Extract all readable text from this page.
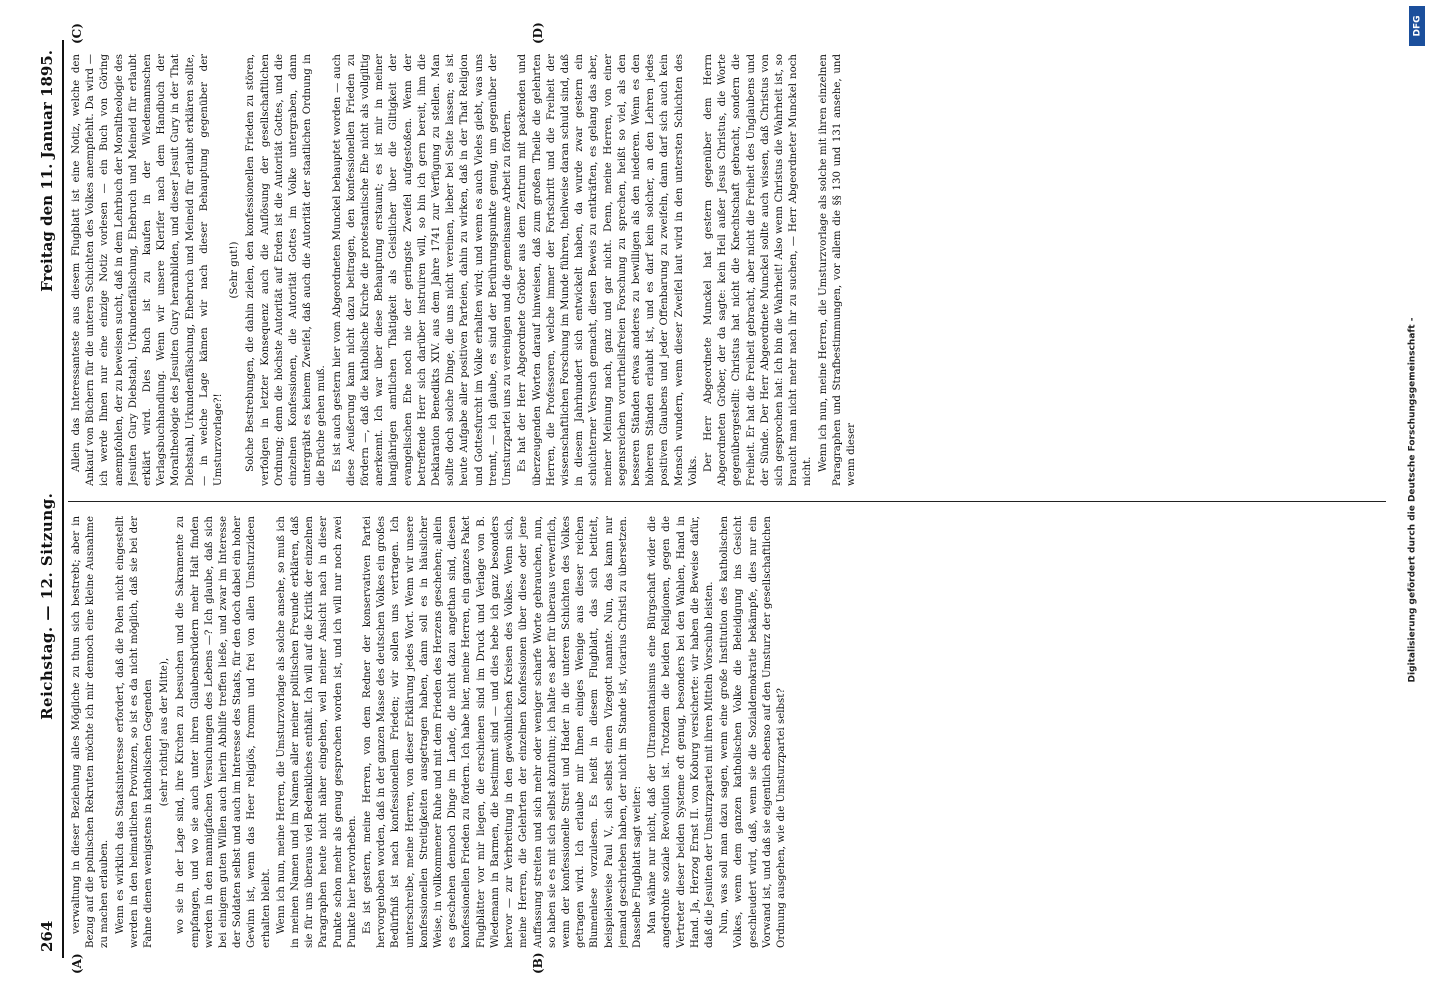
264
Reichstag. — 12. Sitzung.
Freitag den 11. Januar 1895.
(A)	(B)
(C)	(D)

verwaltung in dieser Beziehung alles Mögliche zu thun sich bestrebt; aber in Bezug auf die polnischen Rekruten möchte ich mir dennoch eine kleine Ausnahme zu machen erlauben. Wenn es wirklich das Staatsinteresse erfordert, daß die Polen nicht eingestellt werden in den heimatlichen Provinzen, so ist es da nicht möglich, daß sie bei der Fahne dienen wenigstens in katholischen Gegenden (sehr richtig! aus der Mitte), wo sie in der Lage sind, ihre Kirchen zu besuchen und die Sakramente zu empfangen, und wo sie auch unter ihren Glaubensbrüdern mehr Halt finden werden in den mannigfachen Versuchungen des Lebens —? Ich glaube, daß sich bei einigem guten Willen auch hierin Abhilfe treffen ließe, und zwar im Interesse der Soldaten selbst und auch im Interesse des Staats, für den doch dabei ein hoher Gewinn ist, wenn das Heer religiös, fromm und frei von allen Umsturzideen erhalten bleibt. Wenn ich nun, meine Herren, die Umsturzvorlage als solche ansehe, so muß ich in meinen Namen und im Namen aller meiner politischen Freunde erklären, daß sie für uns überaus viel Bedenkliches enthält. Ich will auf die Kritik der einzelnen Paragraphen heute nicht näher eingehen, weil meiner Ansicht nach in dieser Punkte schon mehr als genug gesprochen worden ist, und ich will nur noch zwei Punkte hier hervorheben. Es ist gestern, meine Herren, von dem Redner der konservativen Partei hervorgehoben worden, daß in der ganzen Masse des deutschen Volkes ein großes Bedürfniß ist nach konfessionellem Frieden; wir sollen uns vertragen. Ich unterschreibe, meine Herren, von dieser Erklärung jedes Wort. Wenn wir unsere konfessionellen Streitigkeiten ausgetragen haben, dann soll es in häuslicher Weise, in vollkommener Ruhe und mit dem Frieden des Herzens geschehen; allein es geschehen dennoch Dinge im Lande, die nicht dazu angethan sind, diesen konfessionellen Frieden zu fördern. Ich habe hier, meine Herren, ein ganzes Paket Flugblätter vor mir liegen, die erschienen sind im Druck und Verlage von B. Wiedemann in Barmen, die bestimmt sind — und dies hebe ich ganz besonders hervor — zur Verbreitung in den gewöhnlichen Kreisen des Volkes. Wenn sich, meine Herren, die Gelehrten der einzelnen Konfessionen über diese oder jene Auffassung streiten und sich mehr oder weniger scharfe Worte gebrauchen, nun, so haben sie es mit sich selbst abzuthun; ich halte es aber für überaus verwerflich, wenn der konfessionelle Streit und Hader in die unteren Schichten des Volkes getragen wird. Ich erlaube mir Ihnen einiges Wenige aus dieser reichen Blumenlese vorzulesen. Es heißt in diesem Flugblatt, das sich betitelt, beispielsweise Paul V., sich selbst einen Vizegott nannte. Nun, das kann nur jemand geschrieben haben, der nicht im Stande ist, vicarius Christi zu übersetzen. Dasselbe Flugblatt sagt weiter: Man wähne nur nicht, daß der Ultramontanismus eine Bürgschaft wider die angedrohte soziale Revolution ist. Trotzdem die beiden Religionen, gegen die Vertreter dieser beiden Systeme oft genug, besonders bei den Wahlen, Hand in Hand. Ja, Herzog Ernst II. von Koburg versicherte: wir haben die Beweise dafür, daß die Jesuiten der Umsturzpartei mit ihren Mitteln Vorschub leisten. Nun, was soll man dazu sagen, wenn eine große Institution des katholischen Volkes, wenn dem ganzen katholischen Volke die Beleidigung ins Gesicht geschleudert wird, daß, wenn sie die Sozialdemokratie bekämpfe, dies nur ein Vorwand ist, und daß sie eigentlich ebenso auf den Umsturz der gesellschaftlichen Ordnung ausgehen, wie die Umsturzpartei selbst?

Allein das Interessanteste aus diesem Flugblatt ist eine Notiz, welche den Ankauf von Büchern für die unteren Schichten des Volkes anempfiehlt. Da wird — ich werde Ihnen nur eine einzige Notiz vorlesen — ein Buch von Göring anempfohlen, der zu beweisen sucht, daß in dem Lehrbuch der Moraltheologie des Jesuiten Gury Diebstahl, Urkundenfälschung, Ehebruch und Meineid für erlaubt erklärt wird. Dies Buch ist zu kaufen in der Wiedemannschen Verlagsbuchhandlung. Wenn wir unsere Klerifer nach dem Handbuch der Moraltheologie des Jesuiten Gury heranbilden, und dieser Jesuit Gury in der That Diebstahl, Urkundenfälschung, Ehebruch und Meineid für erlaubt erklären sollte, — in welche Lage kämen wir nach dieser Behauptung gegenüber der Umsturzvorlage?!

(Sehr gut!) Solche Bestrebungen, die dahin zielen, den konfessionellen Frieden zu stören, verfolgen in letzter Konsequenz auch die Auflösung der gesellschaftlichen Ordnung; denn die höchste Autorität auf Erden ist die Autorität Gottes, und die einzelnen Konfessionen, die Autorität Gottes im Volke untergraben, dann untergräbt es keinem Zweifel, daß auch die Autorität der staatlichen Ordnung in die Brüche gehen muß. Es ist auch gestern hier vom Abgeordneten Munckel behauptet worden — auch diese Aeußerung kann nicht dazu beitragen, den konfessionellen Frieden zu fördern —, daß die katholische Kirche die protestantische Ehe nicht als vollgiltig anerkennt. Ich war über diese Behauptung erstaunt; es ist mir in meiner langjährigen amtlichen Thätigkeit als Geistlicher über die Giltigkeit der evangelischen Ehe noch nie der geringste Zweifel aufgestoßen. Wenn der betreffende Herr sich darüber instruiren will, so bin ich gern bereit, ihm die Deklaration Benedikts XIV. aus dem Jahre 1741 zur Verfügung zu stellen. Man sollte doch solche Dinge, die uns nicht vereinen, lieber bei Seite lassen; es ist heute Aufgabe aller positiven Parteien, dahin zu wirken, daß in der That Religion und Gottesfurcht im Volke erhalten wird; und wenn es auch Vieles giebt, was uns trennt, — ich glaube, es sind der Berührungspunkte genug, um gegenüber der Umsturzpartei uns zu vereinigen und die gemeinsame Arbeit zu fördern. Es hat der Herr Abgeordnete Gröber aus dem Zentrum mit packenden und überzeugenden Worten darauf hinweisen, daß zum großen Theile die gelehrten Herren, die Professoren, welche immer der Fortschritt und die Freiheit der wissenschaftlichen Forschung im Munde führen, theilweise daran schuld sind, daß in diesem Jahrhundert sich entwickelt haben, da wurde zwar gestern ein schüchterner Versuch gemacht, diesen Beweis zu entkräften, es gelang das aber, meiner Meinung nach, ganz und gar nicht. Denn, meine Herren, von einer segensreichen vorurtheilsfreien Forschung zu sprechen, heißt so viel, als den besseren Ständen etwas anderes zu bewilligen als den niederen. Wenn es den höheren Ständen erlaubt ist, und es darf kein solcher, an den Lehren jedes positiven Glaubens und jeder Offenbarung zu zweifeln, dann darf sich auch kein Mensch wundern, wenn dieser Zweifel laut wird in den untersten Schichten des Volks. Der Herr Abgeordnete Munckel hat gestern gegenüber dem Herrn Abgeordneten Gröber, der da sagte: kein Heil außer Jesus Christus, die Worte gegenübergestellt: Christus hat nicht die Knechtschaft gebracht, sondern die Freiheit. Er hat die Freiheit gebracht, aber nicht die Freiheit des Unglaubens und der Sünde. Der Herr Abgeordnete Munckel sollte auch wissen, daß Christus von sich gesprochen hat: Ich bin die Wahrheit! Also wenn Christus die Wahrheit ist, so braucht man nicht mehr nach ihr zu suchen, — Herr Abgeordneter Munckel noch nicht. Wenn ich nun, meine Herren, die Umsturzvorlage als solche mit ihren einzelnen Paragraphen und Strafbestimmungen, vor allem die §§ 130 und 131 ansehe, und wenn dieser

DFG
Digitalisierung gefördert durch die Deutsche Forschungsgemeinschaft -
